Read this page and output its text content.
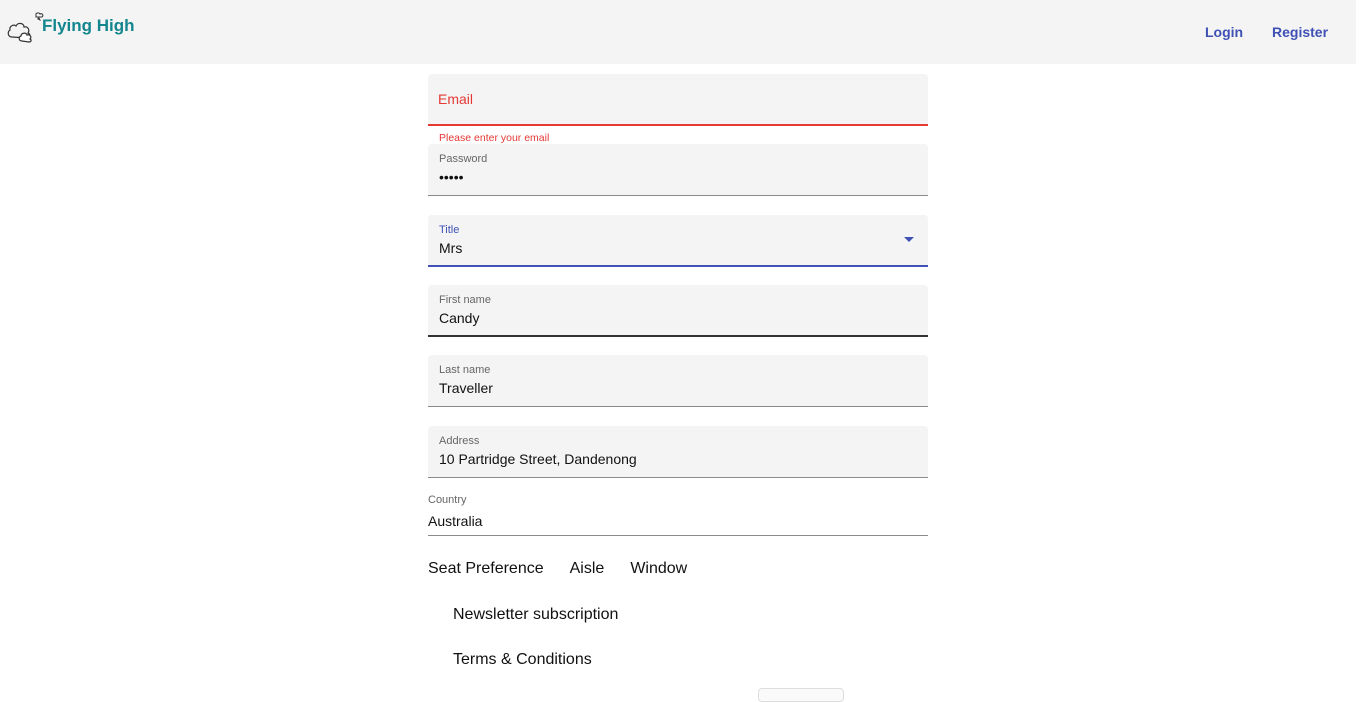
Flying High	Login Register
Email
Please enter your email
Password
•••••
Title
Mrs
First name
Candy
Last name
Traveller
Address
10 Partridge Street, Dandenong
Country
Australia
Seat Preference Aisle Window
Newsletter subscription
Terms & Conditions
